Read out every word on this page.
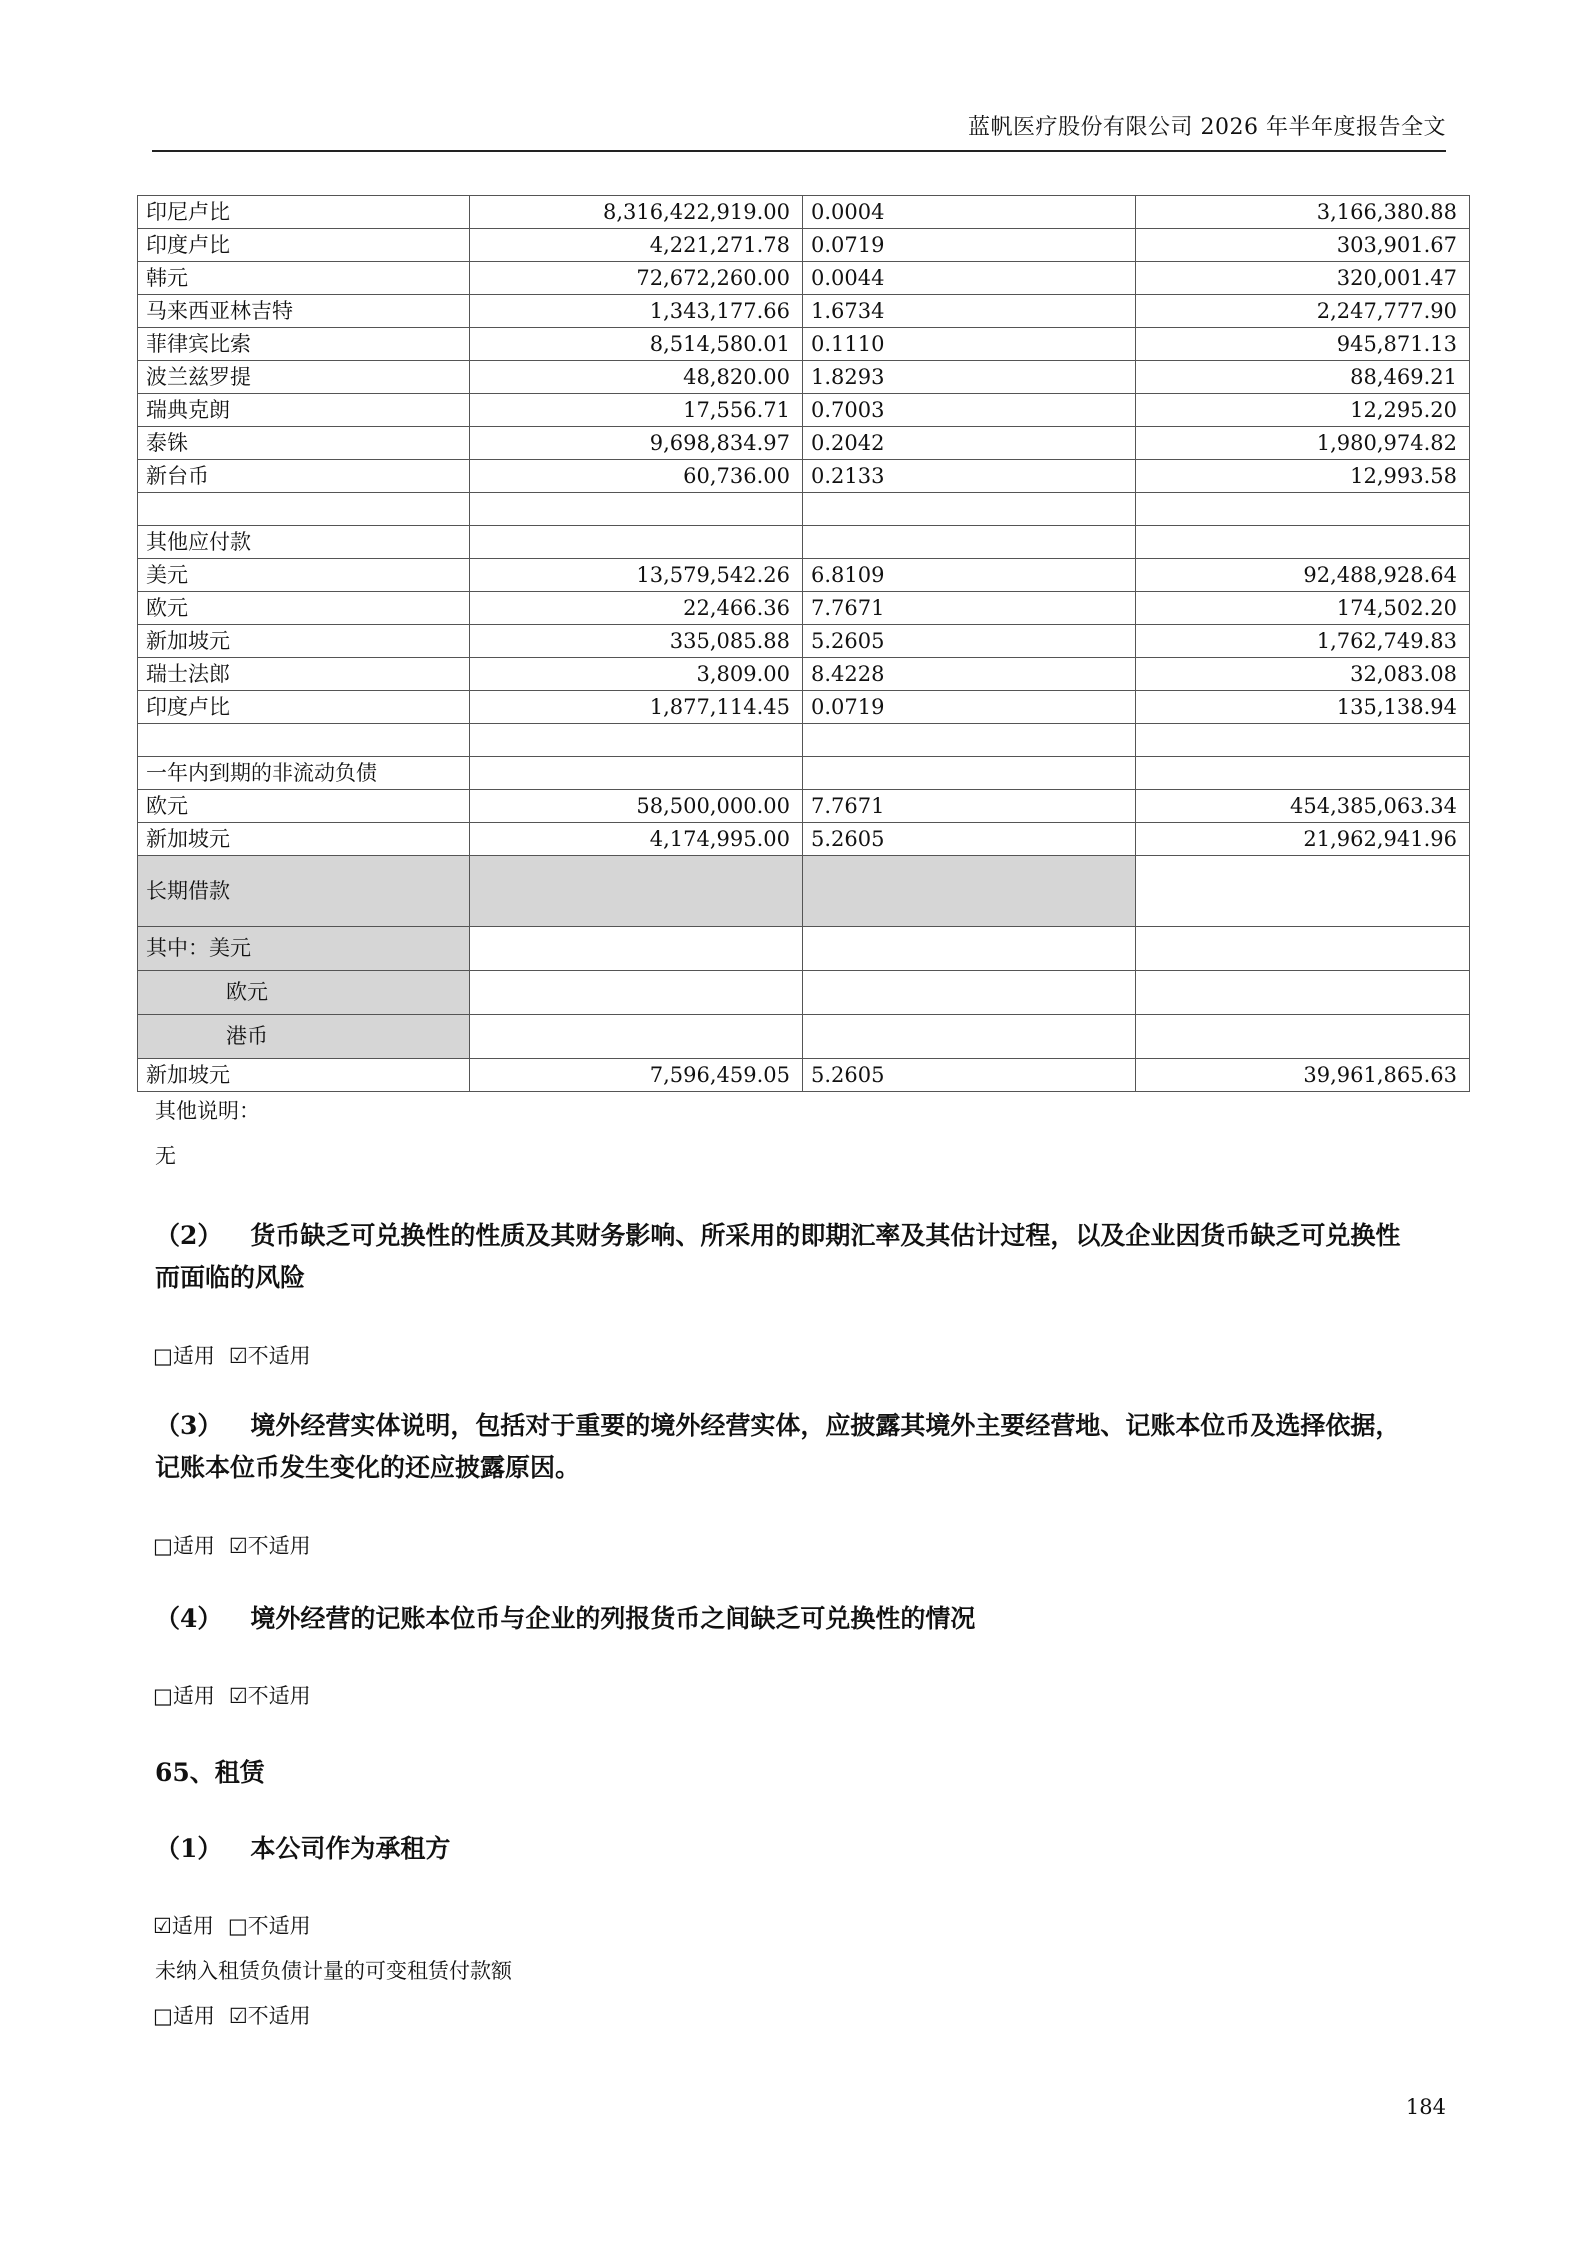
蓝帆医疗股份有限公司 2026 年半年度报告全文
印尼卢比	8,316,422,919.00	0.0004	3,166,380.88
印度卢比	4,221,271.78	0.0719	303,901.67
韩元	72,672,260.00	0.0044	320,001.47
马来西亚林吉特	1,343,177.66	1.6734	2,247,777.90
菲律宾比索	8,514,580.01	0.1110	945,871.13
波兰兹罗提	48,820.00	1.8293	88,469.21
瑞典克朗	17,556.71	0.7003	12,295.20
泰铢	9,698,834.97	0.2042	1,980,974.82
新台币	60,736.00	0.2133	12,993.58

其他应付款			
美元	13,579,542.26	6.8109	92,488,928.64
欧元	22,466.36	7.7671	174,502.20
新加坡元	335,085.88	5.2605	1,762,749.83
瑞士法郎	3,809.00	8.4228	32,083.08
印度卢比	1,877,114.45	0.0719	135,138.94

一年内到期的非流动负债			
欧元	58,500,000.00	7.7671	454,385,063.34
新加坡元	4,174,995.00	5.2605	21,962,941.96
长期借款			
其中：美元			
欧元			
港币			
新加坡元	7,596,459.05	5.2605	39,961,865.63
其他说明：
无
（2） 货币缺乏可兑换性的性质及其财务影响、所采用的即期汇率及其估计过程，以及企业因货币缺乏可兑换性而面临的风险
□适用 ☑不适用
（3） 境外经营实体说明，包括对于重要的境外经营实体，应披露其境外主要经营地、记账本位币及选择依据，记账本位币发生变化的还应披露原因。
□适用 ☑不适用
（4） 境外经营的记账本位币与企业的列报货币之间缺乏可兑换性的情况
□适用 ☑不适用
65、租赁
（1） 本公司作为承租方
☑适用 □不适用
未纳入租赁负债计量的可变租赁付款额
□适用 ☑不适用
184
